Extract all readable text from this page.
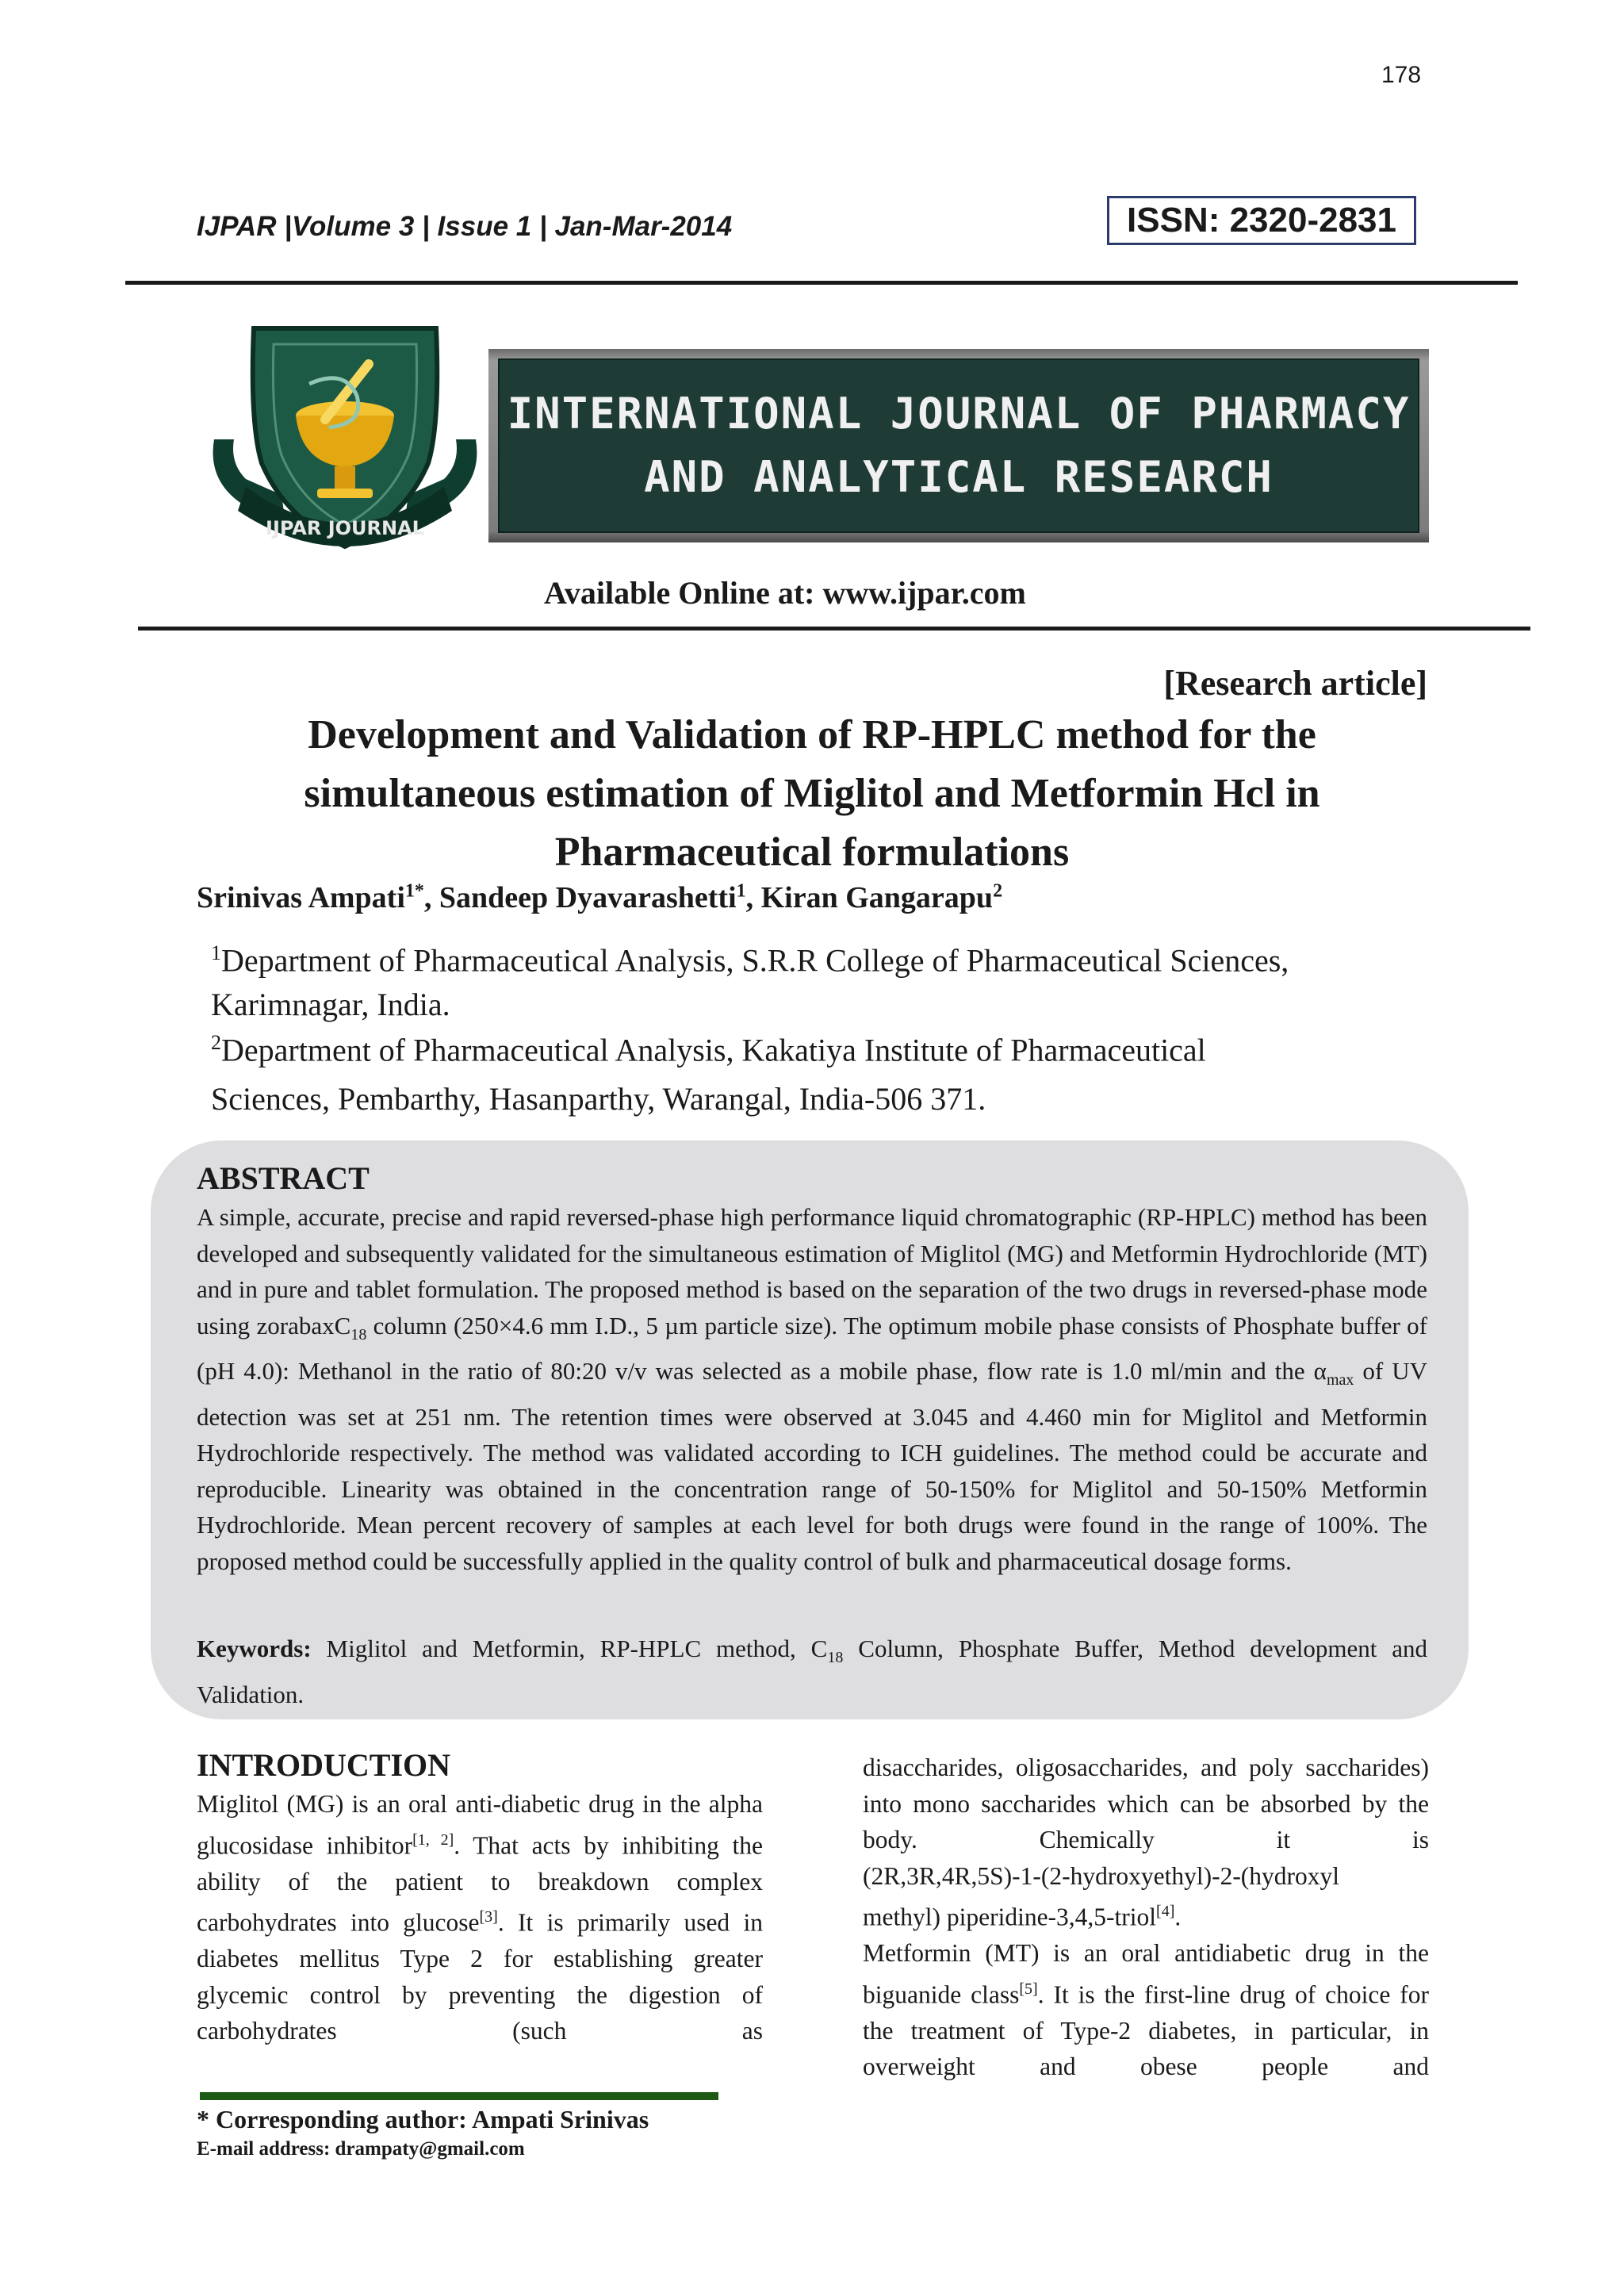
178
IJPAR |Volume 3 | Issue 1 | Jan-Mar-2014	ISSN: 2320-2831
IJPAR JOURNAL
INTERNATIONAL JOURNAL OF PHARMACY
AND ANALYTICAL RESEARCH
Available Online at: www.ijpar.com
[Research article]
Development and Validation of RP-HPLC method for the
simultaneous estimation of Miglitol and Metformin Hcl in
Pharmaceutical formulations
Srinivas Ampati$^{1*}$, Sandeep Dyavarashetti$^1$, Kiran Gangarapu$^2$
$^1$Department of Pharmaceutical Analysis, S.R.R College of Pharmaceutical Sciences,
Karimnagar, India.
$^2$Department of Pharmaceutical Analysis, Kakatiya Institute of Pharmaceutical
Sciences, Pembarthy, Hasanparthy, Warangal, India-506 371.
ABSTRACT
A simple, accurate, precise and rapid reversed-phase high performance liquid chromatographic (RP-HPLC) method has been developed and subsequently validated for the simultaneous estimation of Miglitol (MG) and Metformin Hydrochloride (MT) and in pure and tablet formulation. The proposed method is based on the separation of the two drugs in reversed-phase mode using zorabaxC$_{18}$ column (250×4.6 mm I.D., 5 µm particle size). The optimum mobile phase consists of Phosphate buffer of (pH 4.0): Methanol in the ratio of 80:20 v/v was selected as a mobile phase, flow rate is 1.0 ml/min and the $\alpha_{max}$ of UV detection was set at 251 nm. The retention times were observed at 3.045 and 4.460 min for Miglitol and Metformin Hydrochloride respectively. The method was validated according to ICH guidelines. The method could be accurate and reproducible. Linearity was obtained in the concentration range of 50-150% for Miglitol and 50-150% Metformin Hydrochloride. Mean percent recovery of samples at each level for both drugs were found in the range of 100%. The proposed method could be successfully applied in the quality control of bulk and pharmaceutical dosage forms.
Keywords: Miglitol and Metformin, RP-HPLC method, $C_{18}$ Column, Phosphate Buffer, Method development and Validation.
INTRODUCTION
Miglitol (MG) is an oral anti-diabetic drug in the alpha glucosidase inhibitor[1, 2]. That acts by inhibiting the ability of the patient to breakdown complex carbohydrates into glucose[3]. It is primarily used in diabetes mellitus Type 2 for establishing greater glycemic control by preventing the digestion of carbohydrates (such as
disaccharides, oligosaccharides, and poly saccharides) into mono saccharides which can be absorbed by the body. Chemically it is
(2R,3R,4R,5S)-1-(2-hydroxyethyl)-2-(hydroxyl
methyl) piperidine-3,4,5-triol[4].
Metformin (MT) is an oral antidiabetic drug in the biguanide class[5]. It is the first-line drug of choice for the treatment of Type-2 diabetes, in particular, in overweight and obese people and
* Corresponding author: Ampati Srinivas
E-mail address: drampaty@gmail.com
